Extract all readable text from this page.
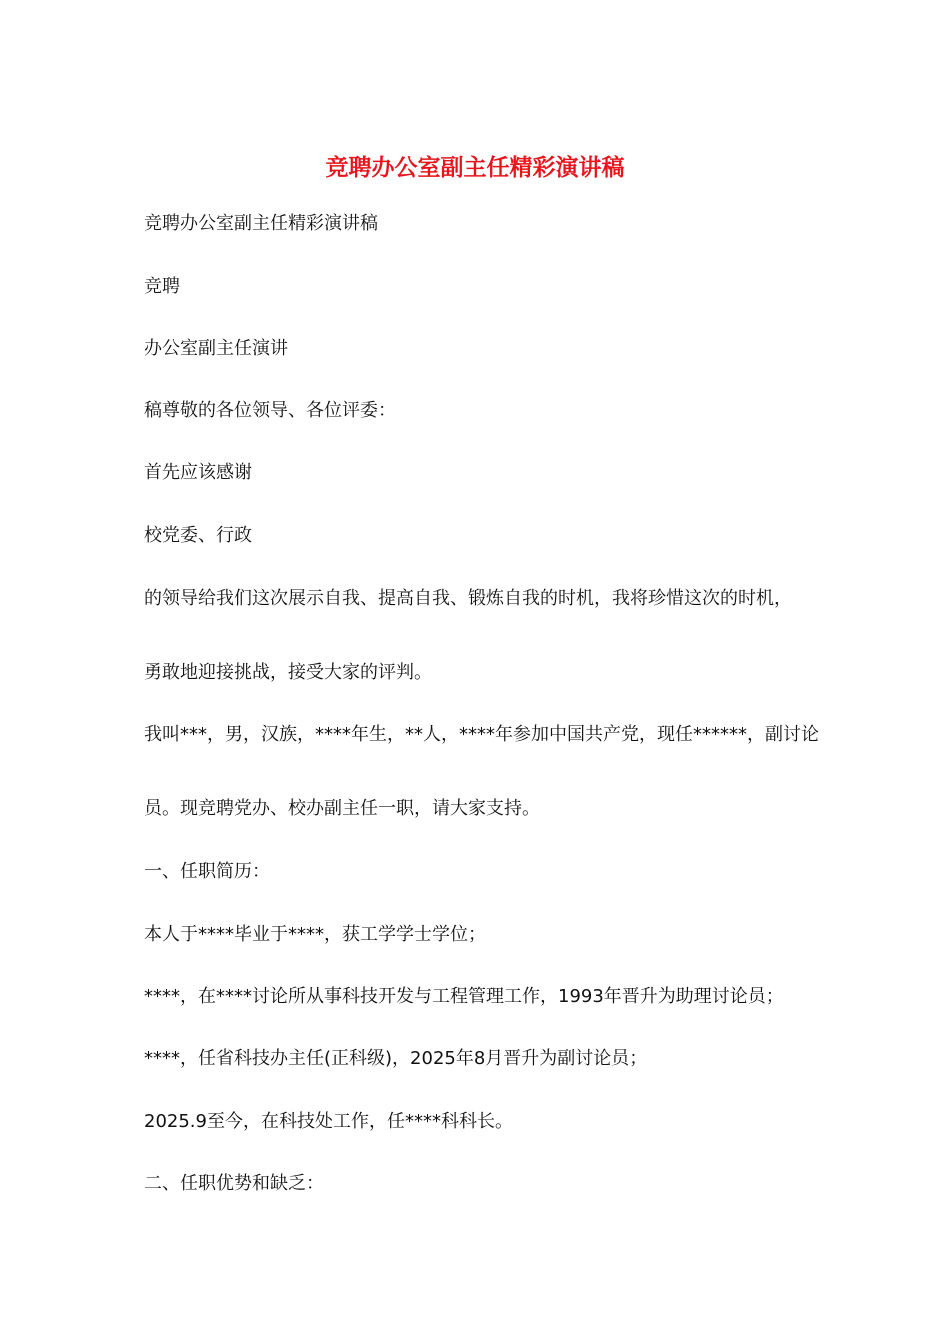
竞聘办公室副主任精彩演讲稿
竞聘办公室副主任精彩演讲稿
竞聘
办公室副主任演讲
稿尊敬的各位领导、各位评委：
首先应该感谢
校党委、行政
的领导给我们这次展示自我、提高自我、锻炼自我的时机，我将珍惜这次的时机，
勇敢地迎接挑战，接受大家的评判。
我叫***，男，汉族，****年生，**人，****年参加中国共产党，现任******，副讨论
员。现竞聘党办、校办副主任一职，请大家支持。
一、任职简历：
本人于****毕业于****，获工学学士学位；
****，在****讨论所从事科技开发与工程管理工作，1993年晋升为助理讨论员；
****，任省科技办主任(正科级)，2025年8月晋升为副讨论员；
2025.9至今，在科技处工作，任****科科长。
二、任职优势和缺乏：
